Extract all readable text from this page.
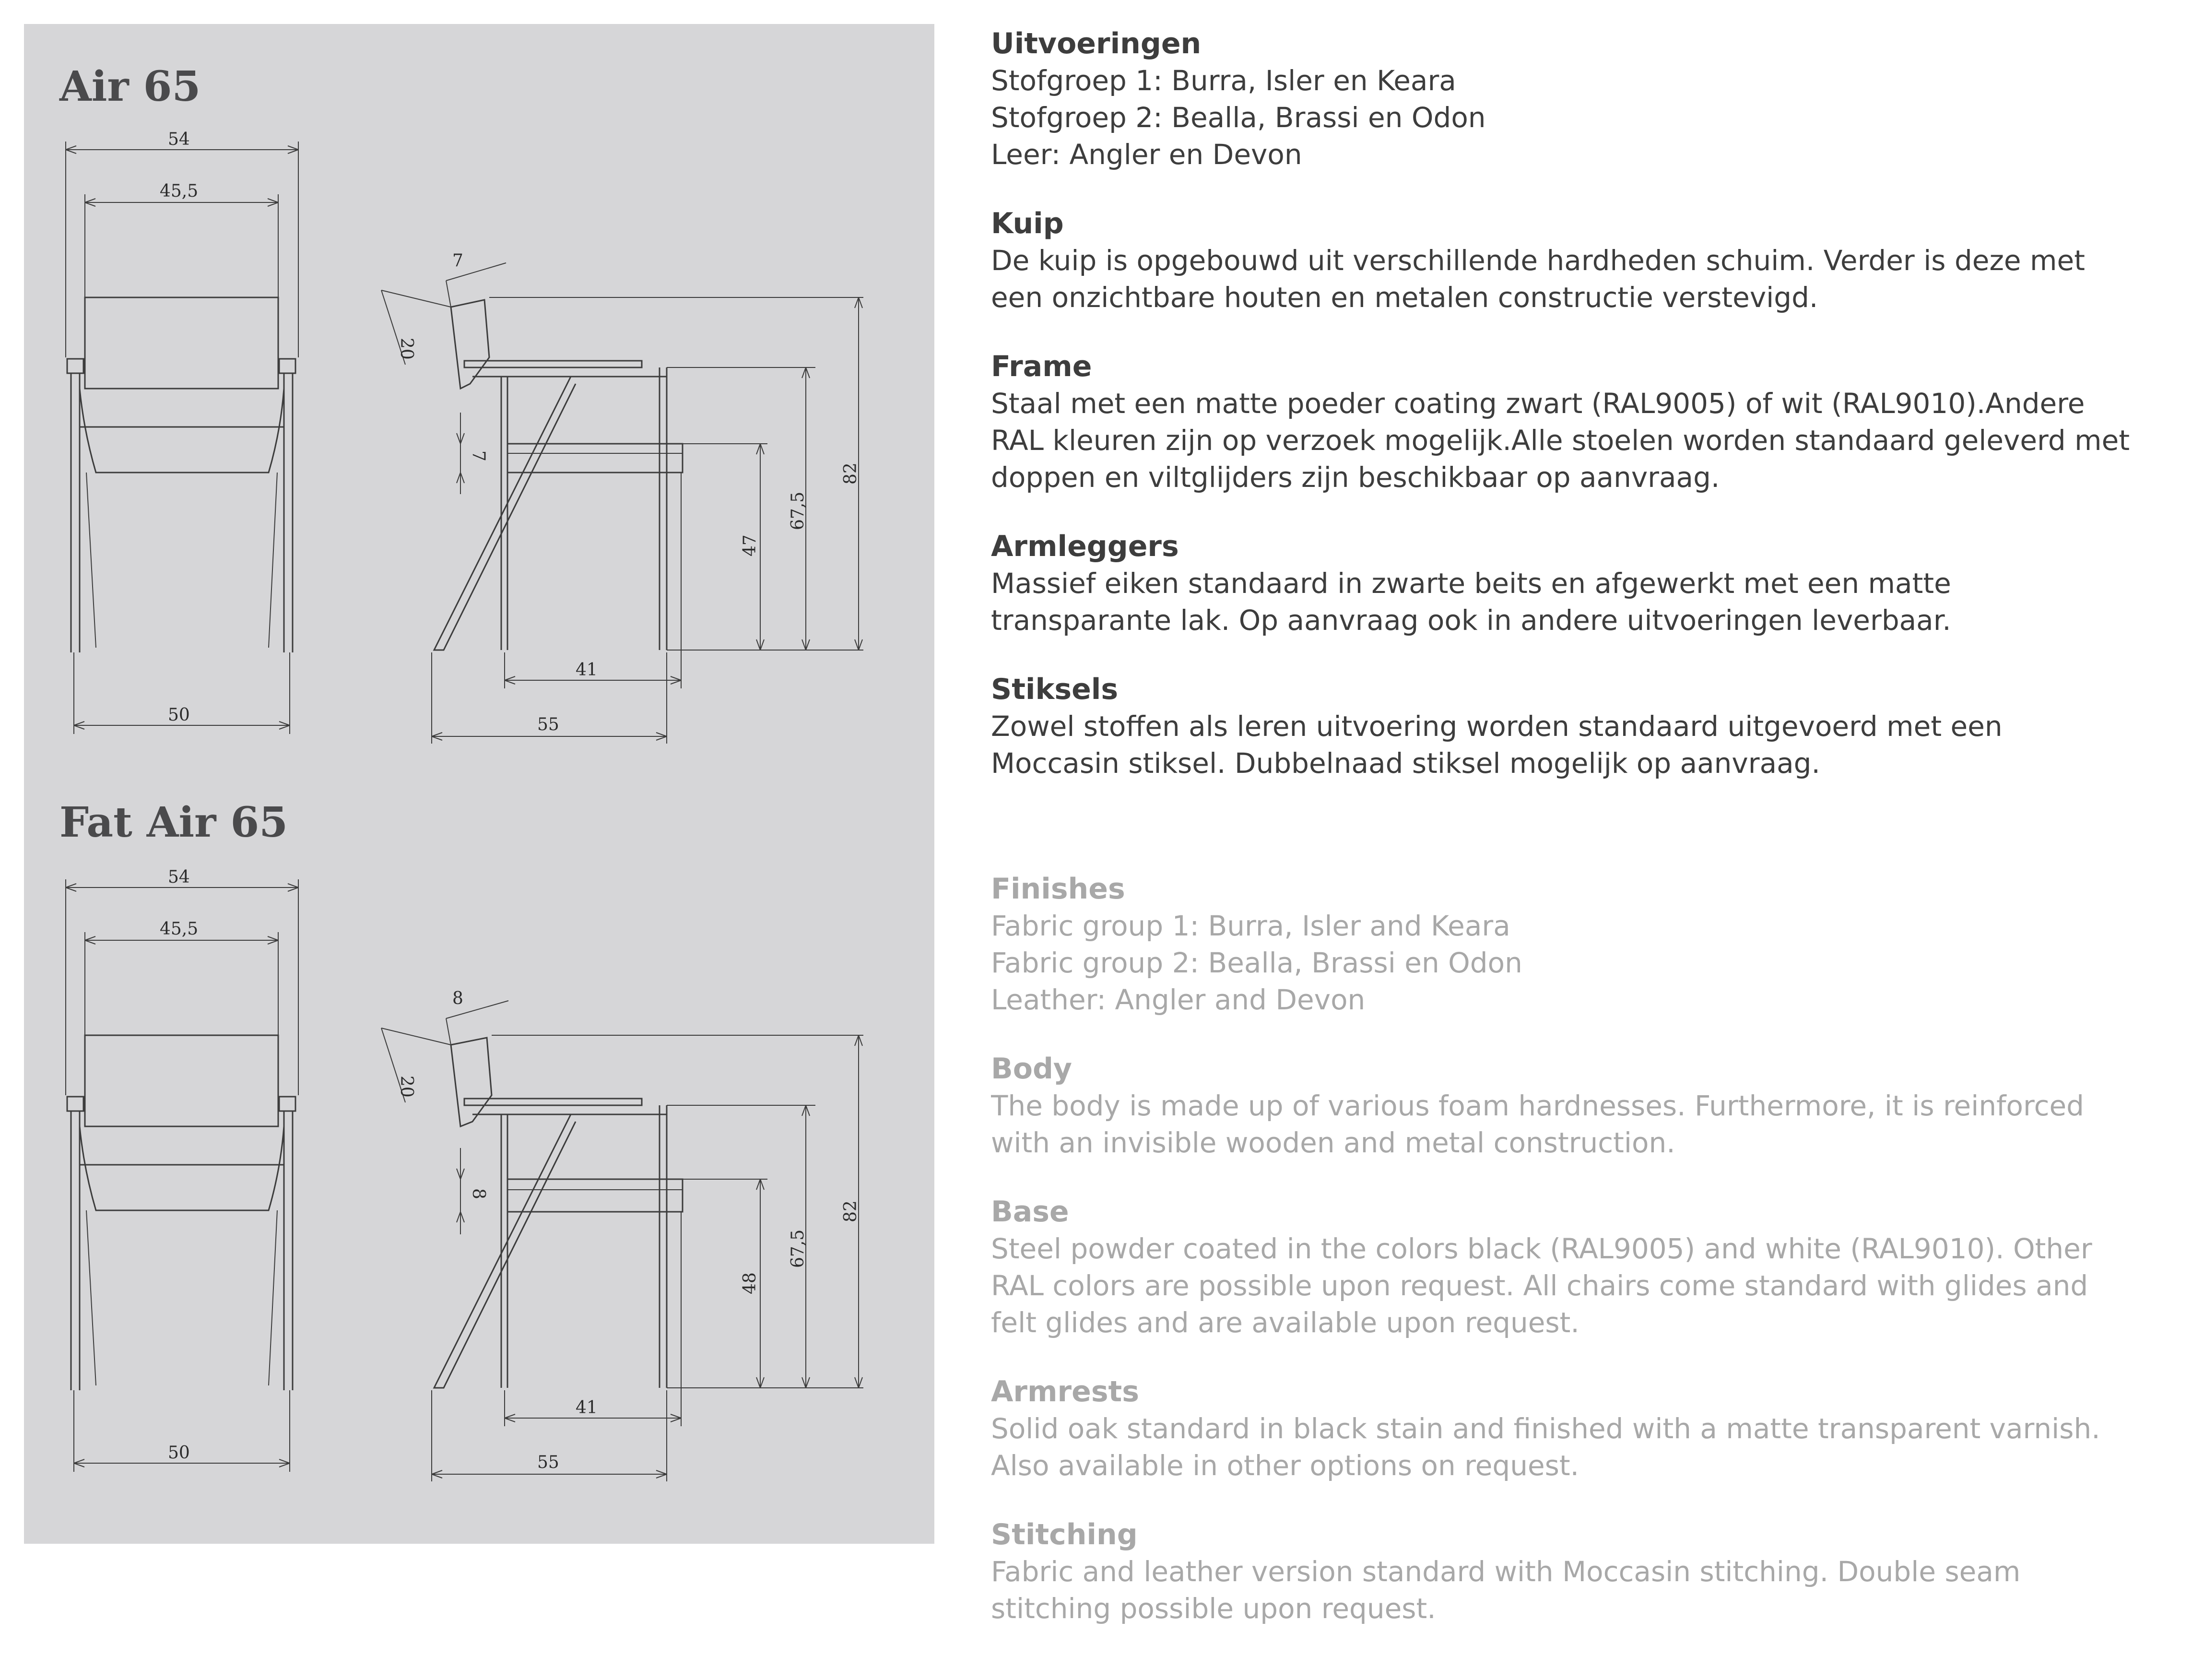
Air 65
Fat Air 65
54
45,5
50
7
20
7
47
67,5
82
41
55
54
45,5
50
8
20
8
48
67,5
82
41
55
Uitvoeringen

Stofgroep 1: Burra, Isler en Keara

Stofgroep 2: Bealla, Brassi en Odon

Leer: Angler en Devon

Kuip

De kuip is opgebouwd uit verschillende hardheden schuim. Verder is deze met

een onzichtbare houten en metalen constructie verstevigd.

Frame

Staal met een matte poeder coating zwart (RAL9005) of wit (RAL9010).Andere

RAL kleuren zijn op verzoek mogelijk.Alle stoelen worden standaard geleverd met

doppen en viltglijders zijn beschikbaar op aanvraag.

Armleggers

Massief eiken standaard in zwarte beits en afgewerkt met een matte

transparante lak. Op aanvraag ook in andere uitvoeringen leverbaar.

Stiksels

Zowel stoffen als leren uitvoering worden standaard uitgevoerd met een

Moccasin stiksel. Dubbelnaad stiksel mogelijk op aanvraag.

Finishes

Fabric group 1: Burra, Isler and Keara

Fabric group 2: Bealla, Brassi en Odon

Leather: Angler and Devon

Body

The body is made up of various foam hardnesses. Furthermore, it is reinforced

with an invisible wooden and metal construction.

Base

Steel powder coated in the colors black (RAL9005) and white (RAL9010). Other

RAL colors are possible upon request. All chairs come standard with glides and

felt glides and are available upon request.

Armrests

Solid oak standard in black stain and finished with a matte transparent varnish.

Also available in other options on request.

Stitching

Fabric and leather version standard with Moccasin stitching. Double seam

stitching possible upon request.
